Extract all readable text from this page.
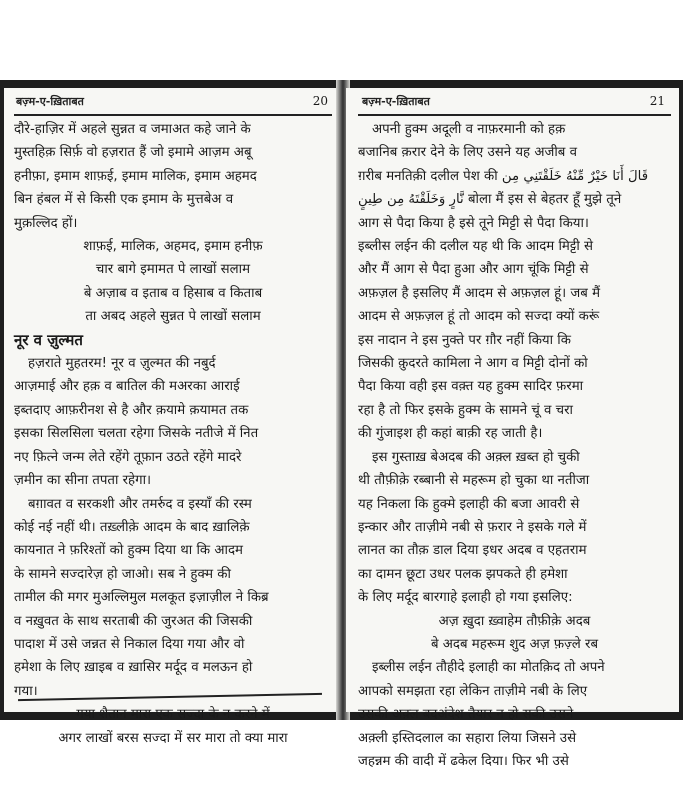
बज़्म-ए-ख़िताबत	20
दौरे-हाज़िर में अहले सुन्नत व जमाअत कहे जाने के
मुस्तहिक़ सिर्फ़ वो हज़रात हैं जो इमामे आज़म अबू
हनीफ़ा, इमाम शाफ़ई, इमाम मालिक, इमाम अहमद
बिन हंबल में से किसी एक इमाम के मुत्तबेअ व
मुक़ल्लिद हों।
शाफ़ई, मालिक, अहमद, इमाम हनीफ़
चार बागे इमामत पे लाखों सलाम
बे अज़ाब व इताब व हिसाब व किताब
ता अबद अहले सुन्नत पे लाखों सलाम
नूर व ज़ुल्मत
हज़राते मुहतरम! नूर व ज़ुल्मत की नबुर्द
आज़माई और हक़ व बातिल की मअरका आराई
इब्तदाए आफ़रीनश से है और क़यामे क़यामत तक
इसका सिलसिला चलता रहेगा जिसके नतीजे में नित
नए फ़ित्ने जन्म लेते रहेंगे तूफ़ान उठते रहेंगे मादरे
ज़मीन का सीना तपता रहेगा।
बग़ावत व सरकशी और तमर्रुद व इस्याँ की रस्म
कोई नई नहीं थी। तख़्लीक़े आदम के बाद ख़ालिक़े
कायनात ने फ़रिश्तों को हुक्म दिया था कि आदम
के सामने सज्दारेज़ हो जाओ। सब ने हुक्म की
तामील की मगर मुअल्लिमुल मलकूत इज़ाज़ील ने किब्र
व नख़ुवत के साथ सरताबी की जुरअत की जिसकी
पादाश में उसे जन्नत से निकाल दिया गया और वो
हमेशा के लिए ख़ाइब व ख़ासिर मर्दूद व मलऊन हो
गया।
गया शैतान मारा एक सज्दा के न करने में
अगर लाखों बरस सज्दा में सर मारा तो क्या मारा
बज़्म-ए-ख़िताबत	21
अपनी हुक्म अदूली व नाफ़रमानी को हक़
बजानिब क़रार देने के लिए उसने यह अजीब व
ग़रीब मनतिक़ी दलील पेश की قَالَ أَنَا خَيْرٌ مِّنْهُ خَلَقْتَنِي مِن
نَّارٍ وَخَلَقْتَهُ مِن طِينٍ बोला मैं इस से बेहतर हूँ मुझे तूने
आग से पैदा किया है इसे तूने मिट्टी से पैदा किया।
इब्लीस लईन की दलील यह थी कि आदम मिट्टी से
और मैं आग से पैदा हुआ और आग चूंकि मिट्टी से
अफ़ज़ल है इसलिए मैं आदम से अफ़ज़ल हूं। जब मैं
आदम से अफ़ज़ल हूं तो आदम को सज्दा क्यों करूं
इस नादान ने इस नुक्ते पर ग़ौर नहीं किया कि
जिसकी क़ुदरते कामिला ने आग व मिट्टी दोनों को
पैदा किया वही इस वक़्त यह हुक्म सादिर फ़रमा
रहा है तो फिर इसके हुक्म के सामने चूं व चरा
की गुंजाइश ही कहां बाक़ी रह जाती है।
इस गुस्ताख़ बेअदब की अक़्ल ख़ब्त हो चुकी
थी तौफ़ीक़े रब्बानी से महरूम हो चुका था नतीजा
यह निकला कि हुक्मे इलाही की बजा आवरी से
इन्कार और ताज़ीमे नबी से फ़रार ने इसके गले में
लानत का तौक़ डाल दिया इधर अदब व एहतराम
का दामन छूटा उधर पलक झपकते ही हमेशा
के लिए मर्दूद बारगाहे इलाही हो गया इसलिए:
अज़ ख़ुदा ख़्वाहेम तौफ़ीक़े अदब
बे अदब महरूम शुद अज़ फ़ज़्ले रब
इब्लीस लईन तौहीदे इलाही का मोतक़िद तो अपने
आपको समझता रहा लेकिन ताज़ीमे नबी के लिए
उसकी अक़्ल बदअंदेश तैयार न हो सकी उसने
अक़्ली इस्तिदलाल का सहारा लिया जिसने उसे
जहन्नम की वादी में ढकेल दिया। फिर भी उसे
